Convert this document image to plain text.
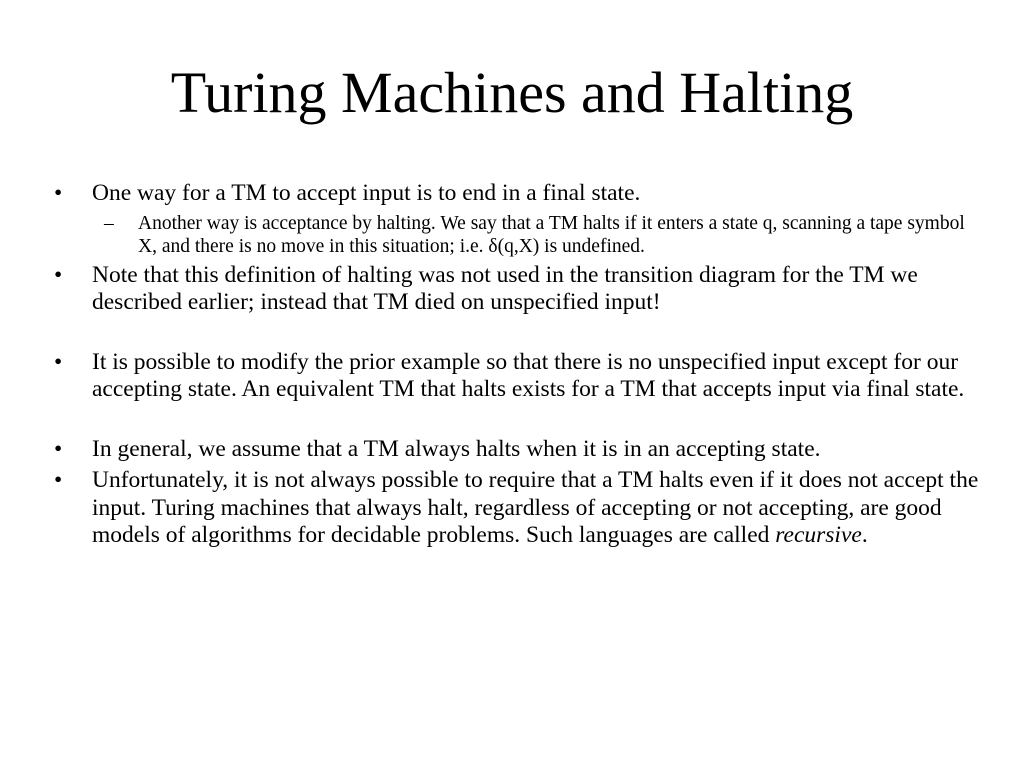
Turing Machines and Halting

• One way for a TM to accept input is to end in a final state.

– Another way is acceptance by halting. We say that a TM halts if it enters a state q, scanning a tape symbol X, and there is no move in this situation; i.e. δ(q,X) is undefined.

• Note that this definition of halting was not used in the transition diagram for the TM we described earlier; instead that TM died on unspecified input!

• It is possible to modify the prior example so that there is no unspecified input except for our accepting state. An equivalent TM that halts exists for a TM that accepts input via final state.

• In general, we assume that a TM always halts when it is in an accepting state.

• Unfortunately, it is not always possible to require that a TM halts even if it does not accept the input. Turing machines that always halt, regardless of accepting or not accepting, are good models of algorithms for decidable problems. Such languages are called recursive.
